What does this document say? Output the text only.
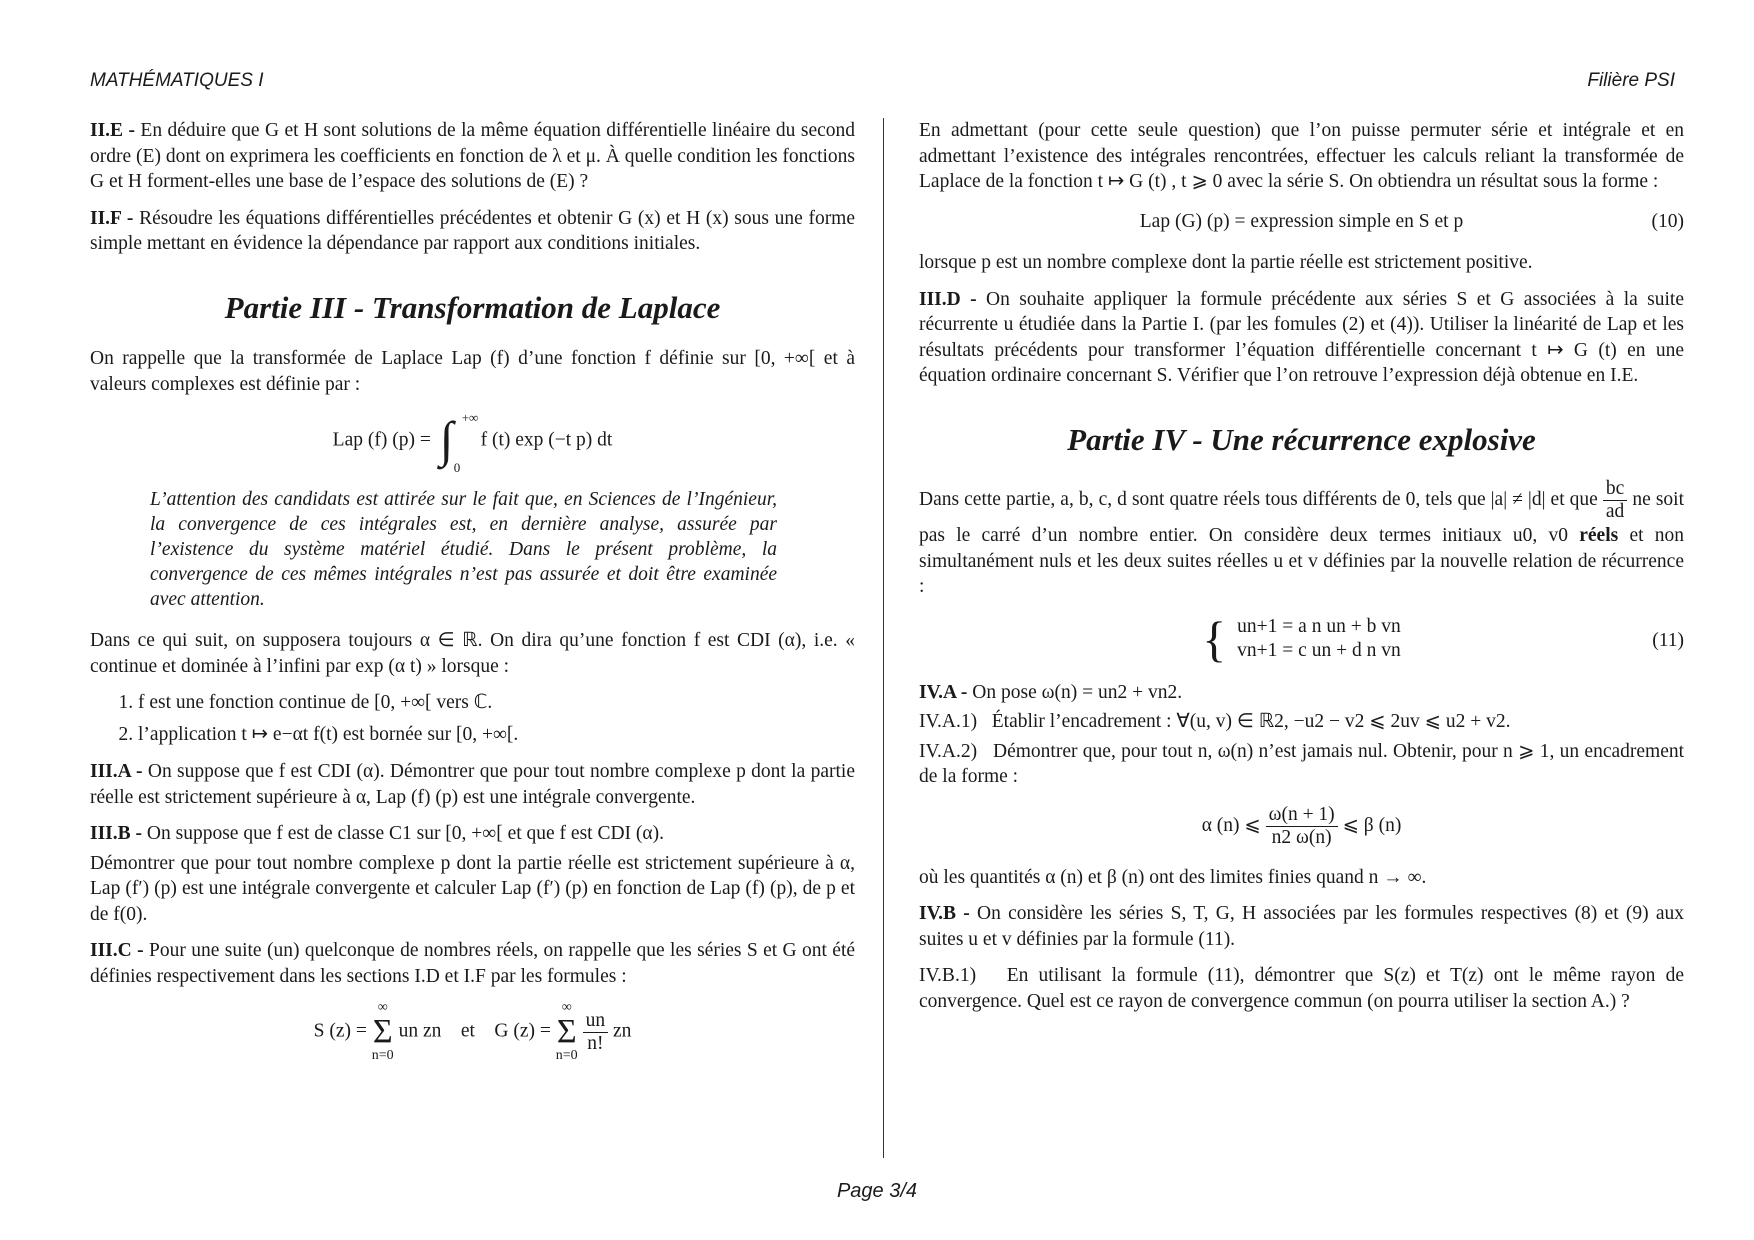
MATHÉMATIQUES I	Filière PSI

II.E - En déduire que G et H sont solutions de la même équation différentielle linéaire du second ordre (E) dont on exprimera les coefficients en fonction de λ et μ. À quelle condition les fonctions G et H forment-elles une base de l’espace des solutions de (E) ?

II.F - Résoudre les équations différentielles précédentes et obtenir G (x) et H (x) sous une forme simple mettant en évidence la dépendance par rapport aux conditions initiales.

Partie III - Transformation de Laplace

On rappelle que la transformée de Laplace Lap (f) d’une fonction f définie sur [0, +∞[ et à valeurs complexes est définie par :

Lap (f) (p) = ∫ +∞
0
f (t) exp (−t p) dt
L’attention des candidats est attirée sur le fait que, en Sciences de l’Ingénieur, la convergence de ces intégrales est, en dernière analyse, assurée par l’existence du système matériel étudié. Dans le présent problème, la convergence de ces mêmes intégrales n’est pas assurée et doit être examinée avec attention.

Dans ce qui suit, on supposera toujours α ∈ ℝ. On dira qu’une fonction f est CDI (α), i.e. « continue et dominée à l’infini par exp (α t) » lorsque :

1. f est une fonction continue de [0, +∞[ vers ℂ.
2. l’application t ↦ e−αt f(t) est bornée sur [0, +∞[.

III.A - On suppose que f est CDI (α). Démontrer que pour tout nombre complexe p dont la partie réelle est strictement supérieure à α, Lap (f) (p) est une intégrale convergente.

III.B - On suppose que f est de classe C1 sur [0, +∞[ et que f est CDI (α).

Démontrer que pour tout nombre complexe p dont la partie réelle est strictement supérieure à α, Lap (f′) (p) est une intégrale convergente et calculer Lap (f′) (p) en fonction de Lap (f) (p), de p et de f(0).

III.C - Pour une suite (un) quelconque de nombres réels, on rappelle que les séries S et G ont été définies respectivement dans les sections I.D et I.F par les formules :

S (z) = ∞
Σ
n=0 un zn et G (z) = ∞
Σ
n=0
$\frac{un}{n!}$ zn

En admettant (pour cette seule question) que l’on puisse permuter série et intégrale et en admettant l’existence des intégrales rencontrées, effectuer les calculs reliant la transformée de Laplace de la fonction t ↦ G (t) , t ⩾ 0 avec la série S. On obtiendra un résultat sous la forme :

Lap (G) (p) = expression simple en S et p	(10)

lorsque p est un nombre complexe dont la partie réelle est strictement positive.

III.D - On souhaite appliquer la formule précédente aux séries S et G associées à la suite récurrente u étudiée dans la Partie I. (par les fomules (2) et (4)). Utiliser la linéarité de Lap et les résultats précédents pour transformer l’équation différentielle concernant t ↦ G (t) en une équation ordinaire concernant S. Vérifier que l’on retrouve l’expression déjà obtenue en I.E.

Partie IV - Une récurrence explosive

Dans cette partie, a, b, c, d sont quatre réels tous différents de 0, tels que |a| ≠ |d| et que $\frac{bc}{ad}$ ne soit pas le carré d’un nombre entier. On considère deux termes initiaux u0, v0 réels et non simultanément nuls et les deux suites réelles u et v définies par la nouvelle relation de récurrence :

{ un+1 = a n un + b vn
vn+1 = c un + d n vn	(11)

IV.A - On pose ω(n) = un2 + vn2.

IV.A.1) Établir l’encadrement : ∀(u, v) ∈ ℝ2, −u2 − v2 ⩽ 2uv ⩽ u2 + v2.

IV.A.2) Démontrer que, pour tout n, ω(n) n’est jamais nul. Obtenir, pour n ⩾ 1, un encadrement de la forme :

α (n) ⩽ $\frac{\omega(n + 1)}{n2 \omega(n)}$ ⩽ β (n)

où les quantités α (n) et β (n) ont des limites finies quand n → ∞.

IV.B - On considère les séries S, T, G, H associées par les formules respectives (8) et (9) aux suites u et v définies par la formule (11).

IV.B.1) En utilisant la formule (11), démontrer que S(z) et T(z) ont le même rayon de convergence. Quel est ce rayon de convergence commun (on pourra utiliser la section A.) ?

Page 3/4
